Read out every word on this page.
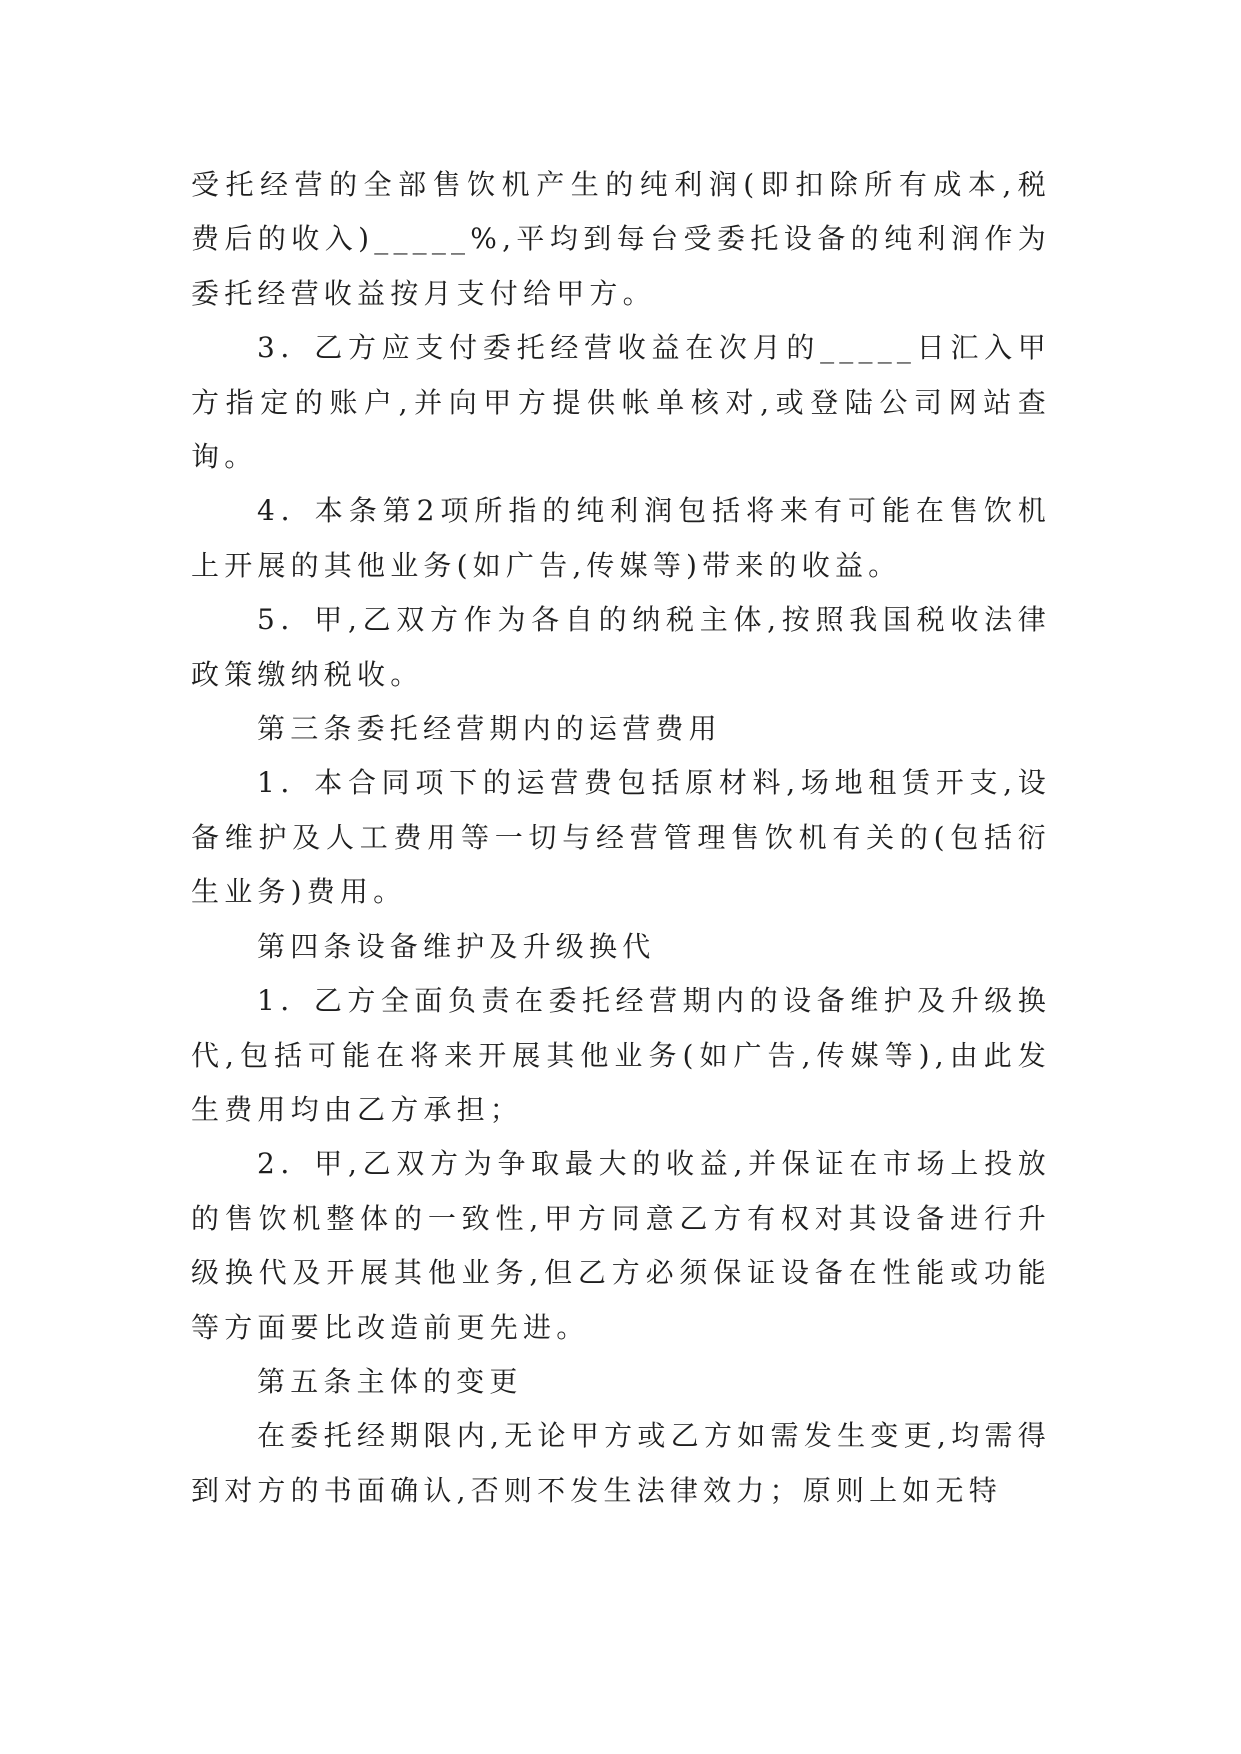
受托经营的全部售饮机产生的纯利润(即扣除所有成本,税费后的收入)_____%,平均到每台受委托设备的纯利润作为委托经营收益按月支付给甲方。

3．乙方应支付委托经营收益在次月的_____日汇入甲方指定的账户,并向甲方提供帐单核对,或登陆公司网站查询。

4．本条第2项所指的纯利润包括将来有可能在售饮机上开展的其他业务(如广告,传媒等)带来的收益。

5．甲,乙双方作为各自的纳税主体,按照我国税收法律政策缴纳税收。

第三条委托经营期内的运营费用

1．本合同项下的运营费包括原材料,场地租赁开支,设备维护及人工费用等一切与经营管理售饮机有关的(包括衍生业务)费用。

第四条设备维护及升级换代

1．乙方全面负责在委托经营期内的设备维护及升级换代,包括可能在将来开展其他业务(如广告,传媒等),由此发生费用均由乙方承担；

2．甲,乙双方为争取最大的收益,并保证在市场上投放的售饮机整体的一致性,甲方同意乙方有权对其设备进行升级换代及开展其他业务,但乙方必须保证设备在性能或功能等方面要比改造前更先进。

第五条主体的变更

在委托经期限内,无论甲方或乙方如需发生变更,均需得到对方的书面确认,否则不发生法律效力；原则上如无特
